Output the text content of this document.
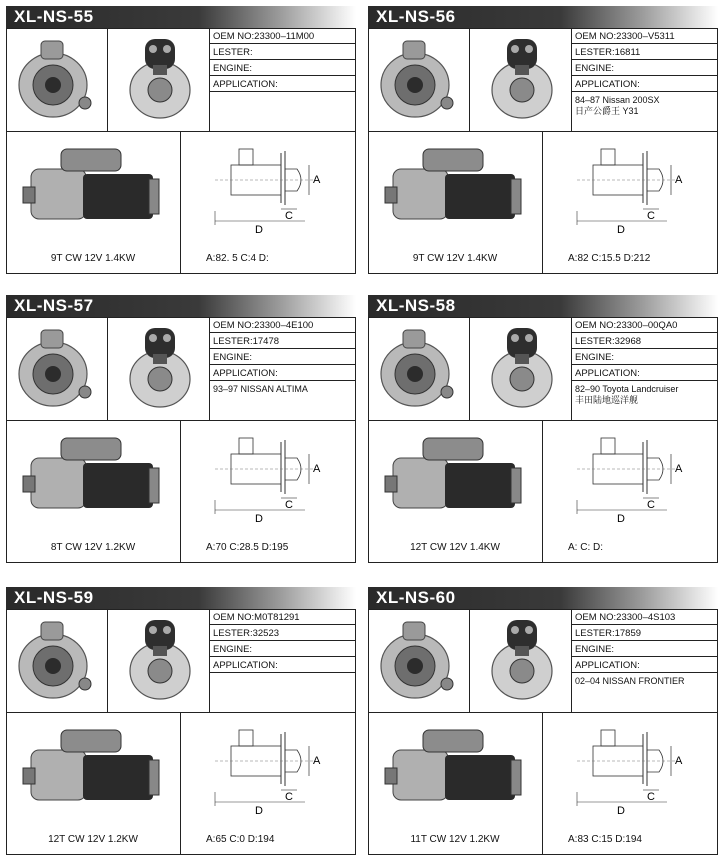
XL-NS-55
OEM NO:23300–11M00
LESTER:
ENGINE:
APPLICATION:
A
C
D
9T CW 12V 1.4KW	A:82. 5 C:4 D:
XL-NS-56
OEM NO:23300–V5311
LESTER:16811
ENGINE:
APPLICATION:
84–87 Nissan 200SX
日产公爵王 Y31
A
C
D
9T CW 12V 1.4KW	A:82 C:15.5 D:212
XL-NS-57
OEM NO:23300–4E100
LESTER:17478
ENGINE:
APPLICATION:
93–97 NISSAN ALTIMA
A
C
D
8T CW 12V 1.2KW	A:70 C:28.5 D:195
XL-NS-58
OEM NO:23300–00QA0
LESTER:32968
ENGINE:
APPLICATION:
82–90 Toyota Landcruiser
丰田陆地巡洋舰
A
C
D
12T CW 12V 1.4KW	A: C: D:
XL-NS-59
OEM NO:M0T81291
LESTER:32523
ENGINE:
APPLICATION:
A
C
D
12T CW 12V 1.2KW	A:65 C:0 D:194
XL-NS-60
OEM NO:23300–4S103
LESTER:17859
ENGINE:
APPLICATION:
02–04 NISSAN FRONTIER
A
C
D
11T CW 12V 1.2KW	A:83 C:15 D:194
